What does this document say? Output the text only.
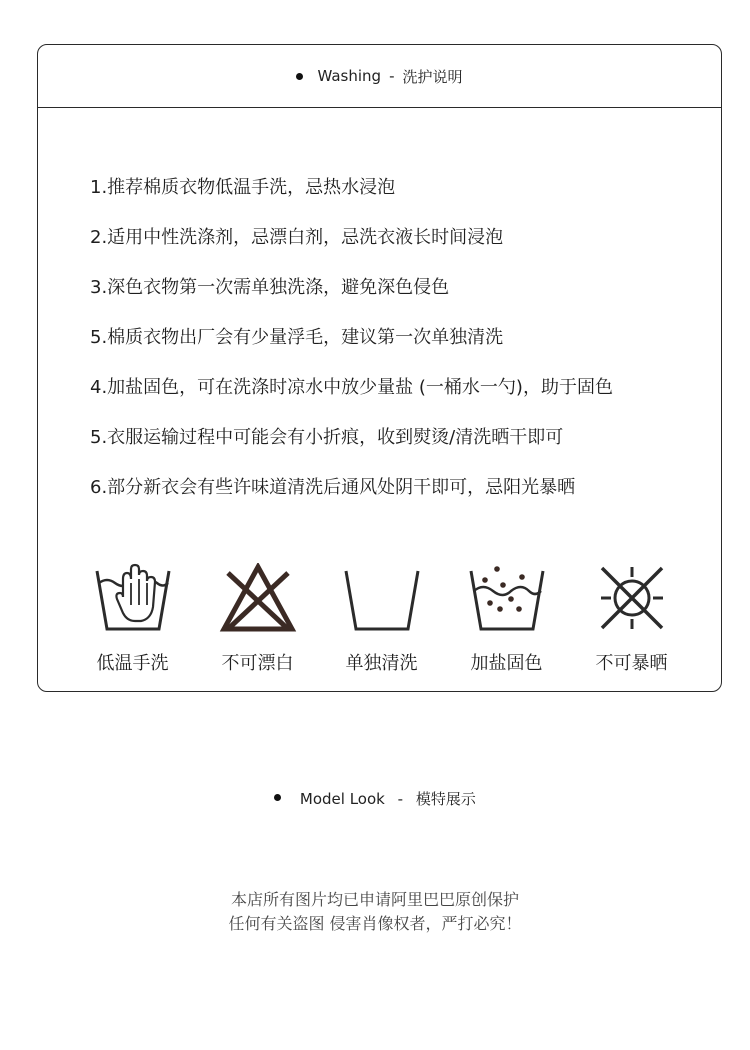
Washing - 洗护说明
1.推荐棉质衣物低温手洗，忌热水浸泡
2.适用中性洗涤剂，忌漂白剂，忌洗衣液长时间浸泡
3.深色衣物第一次需单独洗涤，避免深色侵色
5.棉质衣物出厂会有少量浮毛，建议第一次单独清洗
4.加盐固色，可在洗涤时凉水中放少量盐 (一桶水一勺)，助于固色
5.衣服运输过程中可能会有小折痕，收到熨烫/清洗晒干即可
6.部分新衣会有些许味道清洗后通风处阴干即可，忌阳光暴晒
低温手洗	不可漂白	单独清洗	加盐固色	不可暴晒
Model Look - 模特展示
本店所有图片均已申请阿里巴巴原创保护
任何有关盗图 侵害肖像权者，严打必究！
